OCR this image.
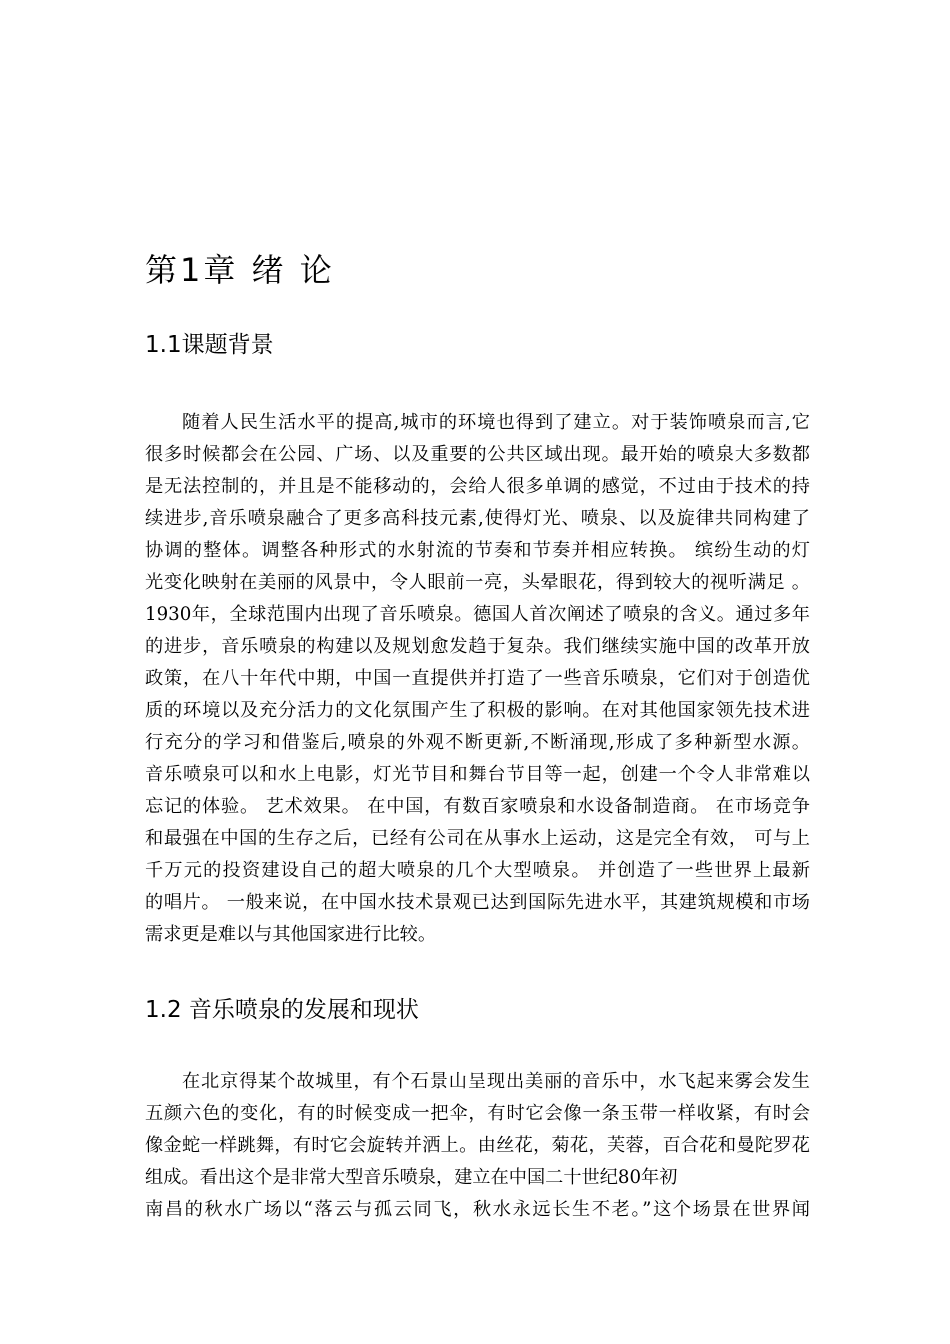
第1章 绪 论
1.1课题背景
随着人民生活水平的提高,城市的环境也得到了建立。对于装饰喷泉而言,它
很多时候都会在公园、广场、以及重要的公共区域出现。最开始的喷泉大多数都
是无法控制的，并且是不能移动的，会给人很多单调的感觉，不过由于技术的持
续进步,音乐喷泉融合了更多高科技元素,使得灯光、喷泉、以及旋律共同构建了
协调的整体。调整各种形式的水射流的节奏和节奏并相应转换。 缤纷生动的灯
光变化映射在美丽的风景中，令人眼前一亮，头晕眼花，得到较大的视听满足 。
1930年，全球范围内出现了音乐喷泉。德国人首次阐述了喷泉的含义。通过多年
的进步，音乐喷泉的构建以及规划愈发趋于复杂。我们继续实施中国的改革开放
政策，在八十年代中期，中国一直提供并打造了一些音乐喷泉，它们对于创造优
质的环境以及充分活力的文化氛围产生了积极的影响。在对其他国家领先技术进
行充分的学习和借鉴后,喷泉的外观不断更新,不断涌现,形成了多种新型水源。
音乐喷泉可以和水上电影，灯光节目和舞台节目等一起，创建一个令人非常难以
忘记的体验。 艺术效果。 在中国，有数百家喷泉和水设备制造商。 在市场竞争
和最强在中国的生存之后，已经有公司在从事水上运动，这是完全有效， 可与上
千万元的投资建设自己的超大喷泉的几个大型喷泉。 并创造了一些世界上最新
的唱片。 一般来说，在中国水技术景观已达到国际先进水平，其建筑规模和市场
需求更是难以与其他国家进行比较。
1.2 音乐喷泉的发展和现状
在北京得某个故城里，有个石景山呈现出美丽的音乐中，水飞起来雾会发生
五颜六色的变化，有的时候变成一把伞，有时它会像一条玉带一样收紧，有时会
像金蛇一样跳舞，有时它会旋转并洒上。由丝花，菊花，芙蓉，百合花和曼陀罗花
组成。看出这个是非常大型音乐喷泉，建立在中国二十世纪80年初
南昌的秋水广场以“落云与孤云同飞，秋水永远长生不老。”这个场景在世界闻
